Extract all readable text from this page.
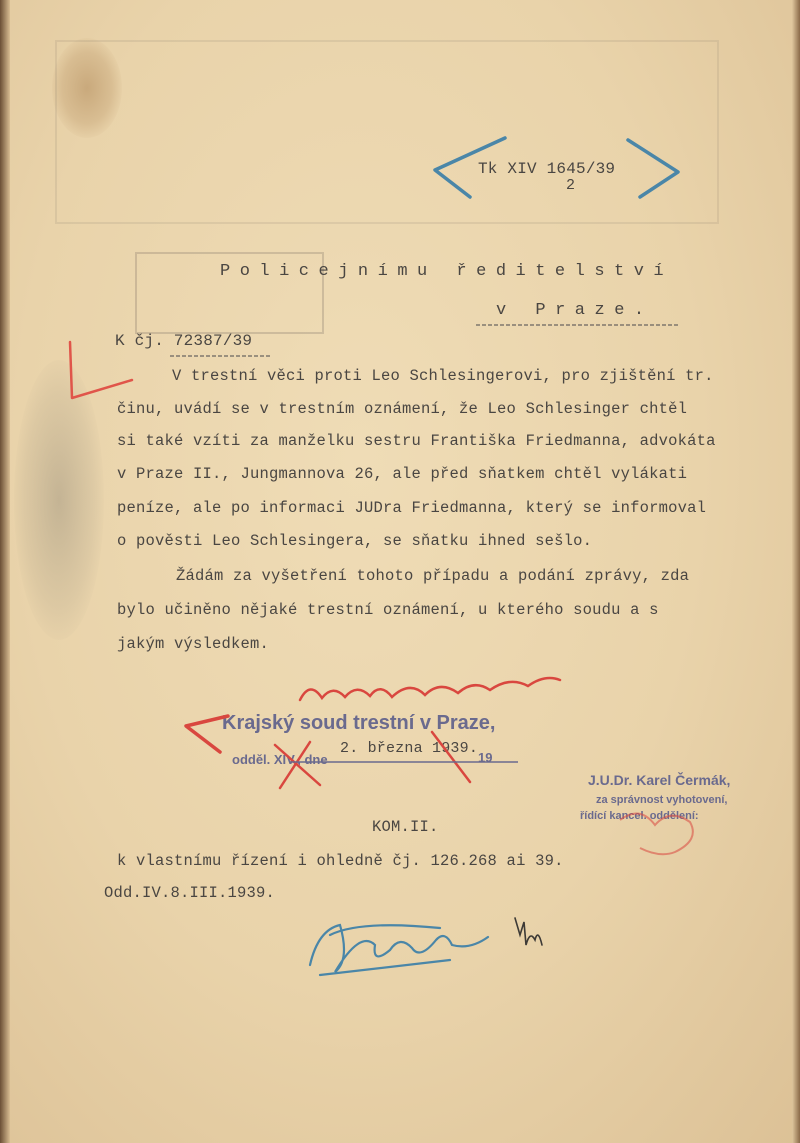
Tk XIV 1645/39
2
Policejnímu ředitelství
v Praze.
K čj. 72387/39
V trestní věci proti Leo Schlesingerovi, pro zjištění tr.
činu, uvádí se v trestním oznámení, že Leo Schlesinger chtěl
si také vzíti za manželku sestru Františka Friedmanna, advokáta
v Praze II., Jungmannova 26, ale před sňatkem chtěl vylákati
peníze, ale po informaci JUDra Friedmanna, který se informoval
o pověsti Leo Schlesingera, se sňatku ihned sešlo.
Žádám za vyšetření tohoto případu a podání zprávy, zda
bylo učiněno nějaké trestní oznámení, u kterého soudu a s
jakým výsledkem.
Krajský soud trestní v Praze,
odděl. XIV., dne
2. března 1939.
19
J.U.Dr. Karel Čermák,
za správnost vyhotovení,
řídící kancel. oddělení:
KOM.II.
k vlastnímu řízení i ohledně čj. 126.268 ai 39.
Odd.IV.8.III.1939.
